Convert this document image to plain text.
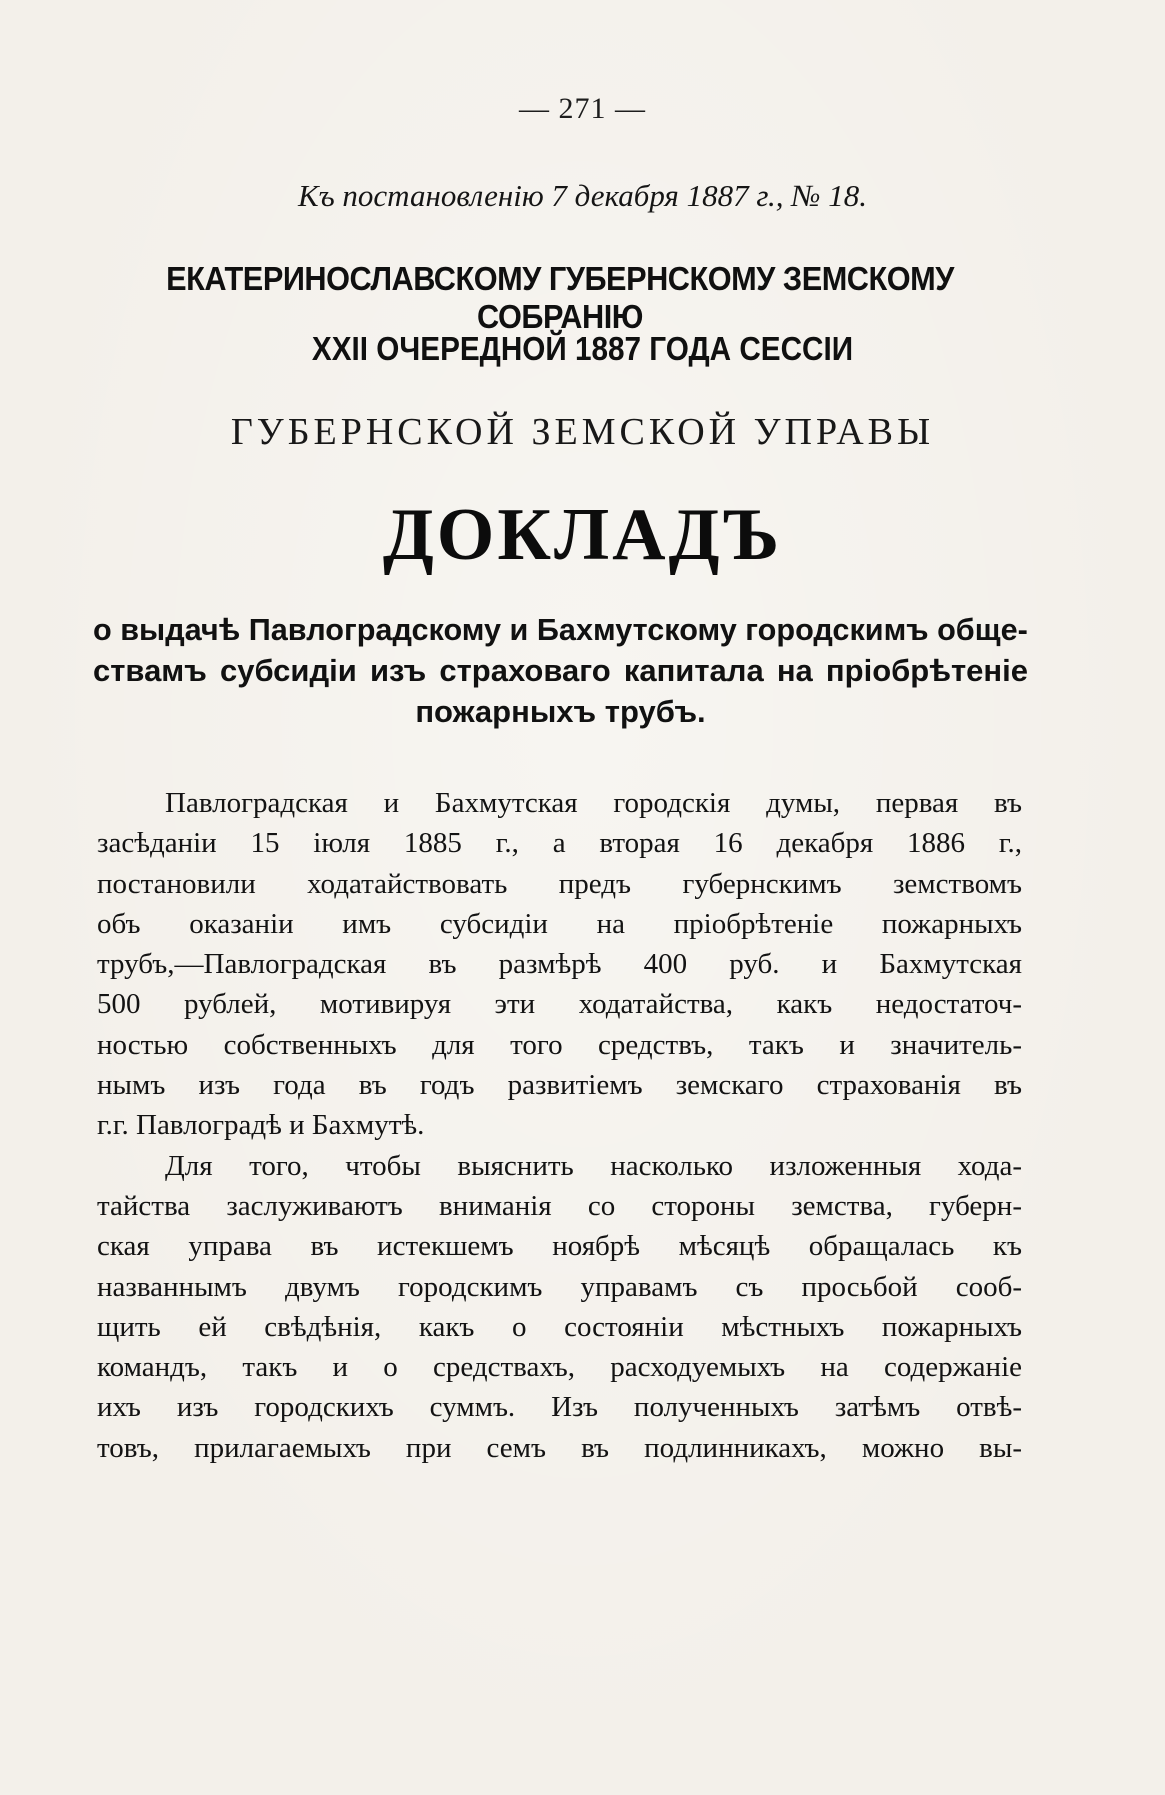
— 271 —
Къ постановленію 7 декабря 1887 г., № 18.
ЕКАТЕРИНОСЛАВСКОМУ ГУБЕРНСКОМУ ЗЕМСКОМУ СОБРАНІЮ
XXII ОЧЕРЕДНОЙ 1887 ГОДА СЕССІИ
ГУБЕРНСКОЙ ЗЕМСКОЙ УПРАВЫ
ДОКЛАДЪ
о выдачѣ Павлоградскому и Бахмутскому городскимъ обще-
ствамъ субсидіи изъ страховаго капитала на пріобрѣтеніе
пожарныхъ трубъ.
Павлоградская и Бахмутская городскія думы, первая въ
засѣданіи 15 іюля 1885 г., а вторая 16 декабря 1886 г.,
постановили ходатайствовать предъ губернскимъ земствомъ
объ оказаніи имъ субсидіи на пріобрѣтеніе пожарныхъ
трубъ,—Павлоградская въ размѣрѣ 400 руб. и Бахмутская
500 рублей, мотивируя эти ходатайства, какъ недостаточ-
ностью собственныхъ для того средствъ, такъ и значитель-
нымъ изъ года въ годъ развитіемъ земскаго страхованія въ
г.г. Павлоградѣ и Бахмутѣ.
Для того, чтобы выяснить насколько изложенныя хода-
тайства заслуживаютъ вниманія со стороны земства, губерн-
ская управа въ истекшемъ ноябрѣ мѣсяцѣ обращалась къ
названнымъ двумъ городскимъ управамъ съ просьбой сооб-
щить ей свѣдѣнія, какъ о состояніи мѣстныхъ пожарныхъ
командъ, такъ и о средствахъ, расходуемыхъ на содержаніе
ихъ изъ городскихъ суммъ. Изъ полученныхъ затѣмъ отвѣ-
товъ, прилагаемыхъ при семъ въ подлинникахъ, можно вы-
